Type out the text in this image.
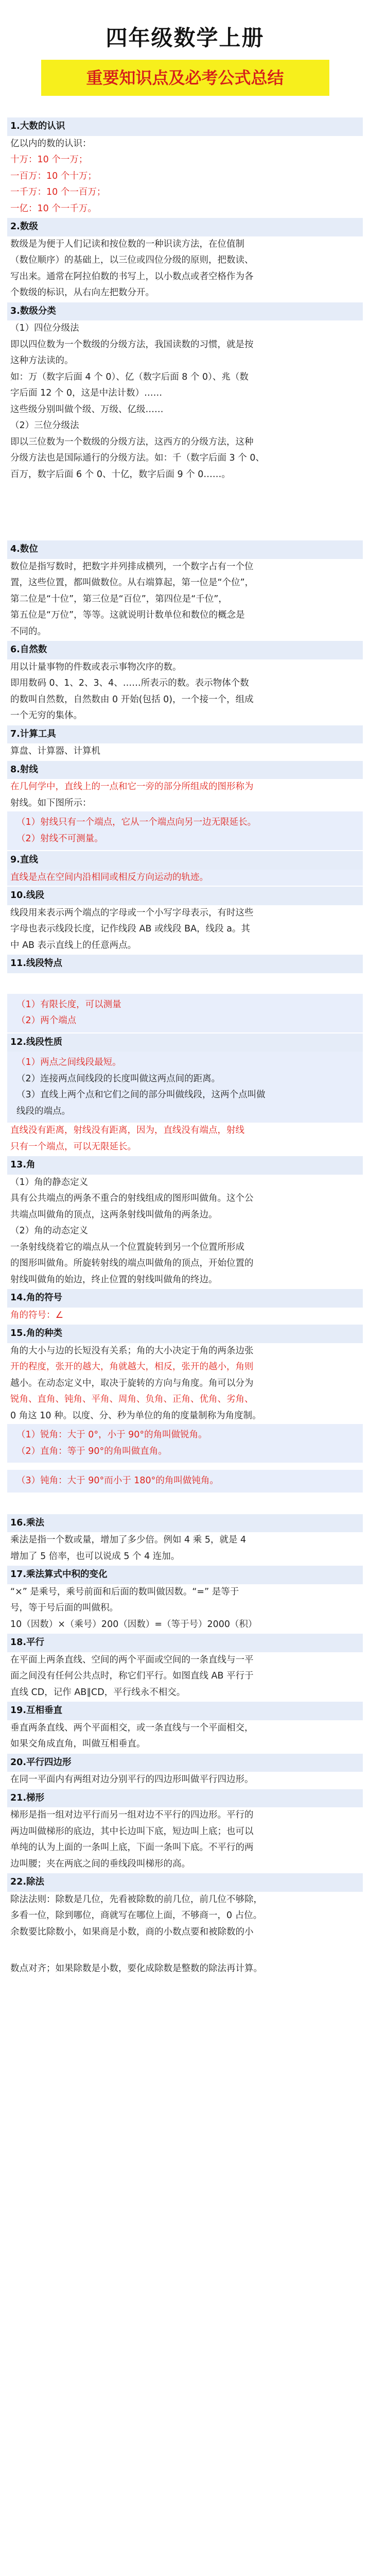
四年级数学上册
重要知识点及必考公式总结
1.大数的认识
亿以内的数的认识：
十万：10 个一万；
一百万：10 个十万；
一千万：10 个一百万；
一亿：10 个一千万。
2.数级
数级是为便于人们记读和按位数的一种识读方法，在位值制
（数位顺序）的基础上，以三位或四位分级的原则，把数读、
写出来。通常在阿拉伯数的书写上，以小数点或者空格作为各
个数级的标识，从右向左把数分开。
3.数级分类
（1）四位分级法
即以四位数为一个数级的分级方法，我国读数的习惯，就是按
这种方法读的。
如：万（数字后面 4 个 0）、亿（数字后面 8 个 0）、兆（数
字后面 12 个 0，这是中法计数）……
这些级分别叫做个级、万级、亿级……
（2）三位分级法
即以三位数为一个数级的分级方法，这西方的分级方法，这种
分级方法也是国际通行的分级方法。如：千（数字后面 3 个 0、
百万，数字后面 6 个 0、十亿，数字后面 9 个 0……。
4.数位
数位是指写数时，把数字并列排成横列，一个数字占有一个位
置，这些位置，都叫做数位。从右端算起，第一位是“个位”，
第二位是“十位”，第三位是“百位”，第四位是“千位”，
第五位是“万位”，等等。这就说明计数单位和数位的概念是
不同的。
6.自然数
用以计量事物的件数或表示事物次序的数。
即用数码 0、1、2、3、4、……所表示的数。表示物体个数
的数叫自然数，自然数由 0 开始(包括 0)，一个接一个，组成
一个无穷的集体。
7.计算工具
算盘、计算器、计算机
8.射线
在几何学中，直线上的一点和它一旁的部分所组成的图形称为
射线。如下图所示：
（1）射线只有一个端点，它从一个端点向另一边无限延长。
（2）射线不可测量。
9.直线
直线是点在空间内沿相同或相反方向运动的轨迹。
10.线段
线段用来表示两个端点的字母或一个小写字母表示，有时这些
字母也表示线段长度，记作线段 AB 或线段 BA，线段 a。其
中 AB 表示直线上的任意两点。
11.线段特点
（1）有限长度，可以测量
（2）两个端点
12.线段性质
（1）两点之间线段最短。
（2）连接两点间线段的长度叫做这两点间的距离。
（3）直线上两个点和它们之间的部分叫做线段，这两个点叫做
线段的端点。
直线没有距离，射线没有距离，因为，直线没有端点，射线
只有一个端点，可以无限延长。
13.角
（1）角的静态定义
具有公共端点的两条不重合的射线组成的图形叫做角。这个公
共端点叫做角的顶点，这两条射线叫做角的两条边。
（2）角的动态定义
一条射线绕着它的端点从一个位置旋转到另一个位置所形成
的图形叫做角。所旋转射线的端点叫做角的顶点，开始位置的
射线叫做角的始边，终止位置的射线叫做角的终边。
14.角的符号
角的符号：∠
15.角的种类
角的大小与边的长短没有关系；角的大小决定于角的两条边张
开的程度，张开的越大，角就越大，相反，张开的越小，角则
越小。在动态定义中，取决于旋转的方向与角度。角可以分为
锐角、直角、钝角、平角、周角、负角、正角、优角、劣角、
0 角这 10 种。以度、分、秒为单位的角的度量制称为角度制。
（1）锐角：大于 0°，小于 90°的角叫做锐角。
（2）直角：等于 90°的角叫做直角。
（3）钝角：大于 90°而小于 180°的角叫做钝角。
16.乘法
乘法是指一个数或量，增加了多少倍。例如 4 乘 5，就是 4
增加了 5 倍率，也可以说成 5 个 4 连加。
17.乘法算式中积的变化
“×” 是乘号，乘号前面和后面的数叫做因数。“=” 是等于
号，等于号后面的叫做积。
10（因数）×（乘号）200（因数）=（等于号）2000（积）
18.平行
在平面上两条直线、空间的两个平面或空间的一条直线与一平
面之间没有任何公共点时，称它们平行。如图直线 AB 平行于
直线 CD，记作 AB∥CD，平行线永不相交。
19.互相垂直
垂直两条直线、两个平面相交，或一条直线与一个平面相交，
如果交角成直角，叫做互相垂直。
20.平行四边形
在同一平面内有两组对边分别平行的四边形叫做平行四边形。
21.梯形
梯形是指一组对边平行而另一组对边不平行的四边形。平行的
两边叫做梯形的底边，其中长边叫下底，短边叫上底；也可以
单纯的认为上面的一条叫上底，下面一条叫下底。不平行的两
边叫腰；夹在两底之间的垂线段叫梯形的高。
22.除法
除法法则：除数是几位，先看被除数的前几位，前几位不够除，
多看一位，除到哪位，商就写在哪位上面，不够商一，0 占位。
余数要比除数小，如果商是小数，商的小数点要和被除数的小
数点对齐；如果除数是小数，要化成除数是整数的除法再计算。
